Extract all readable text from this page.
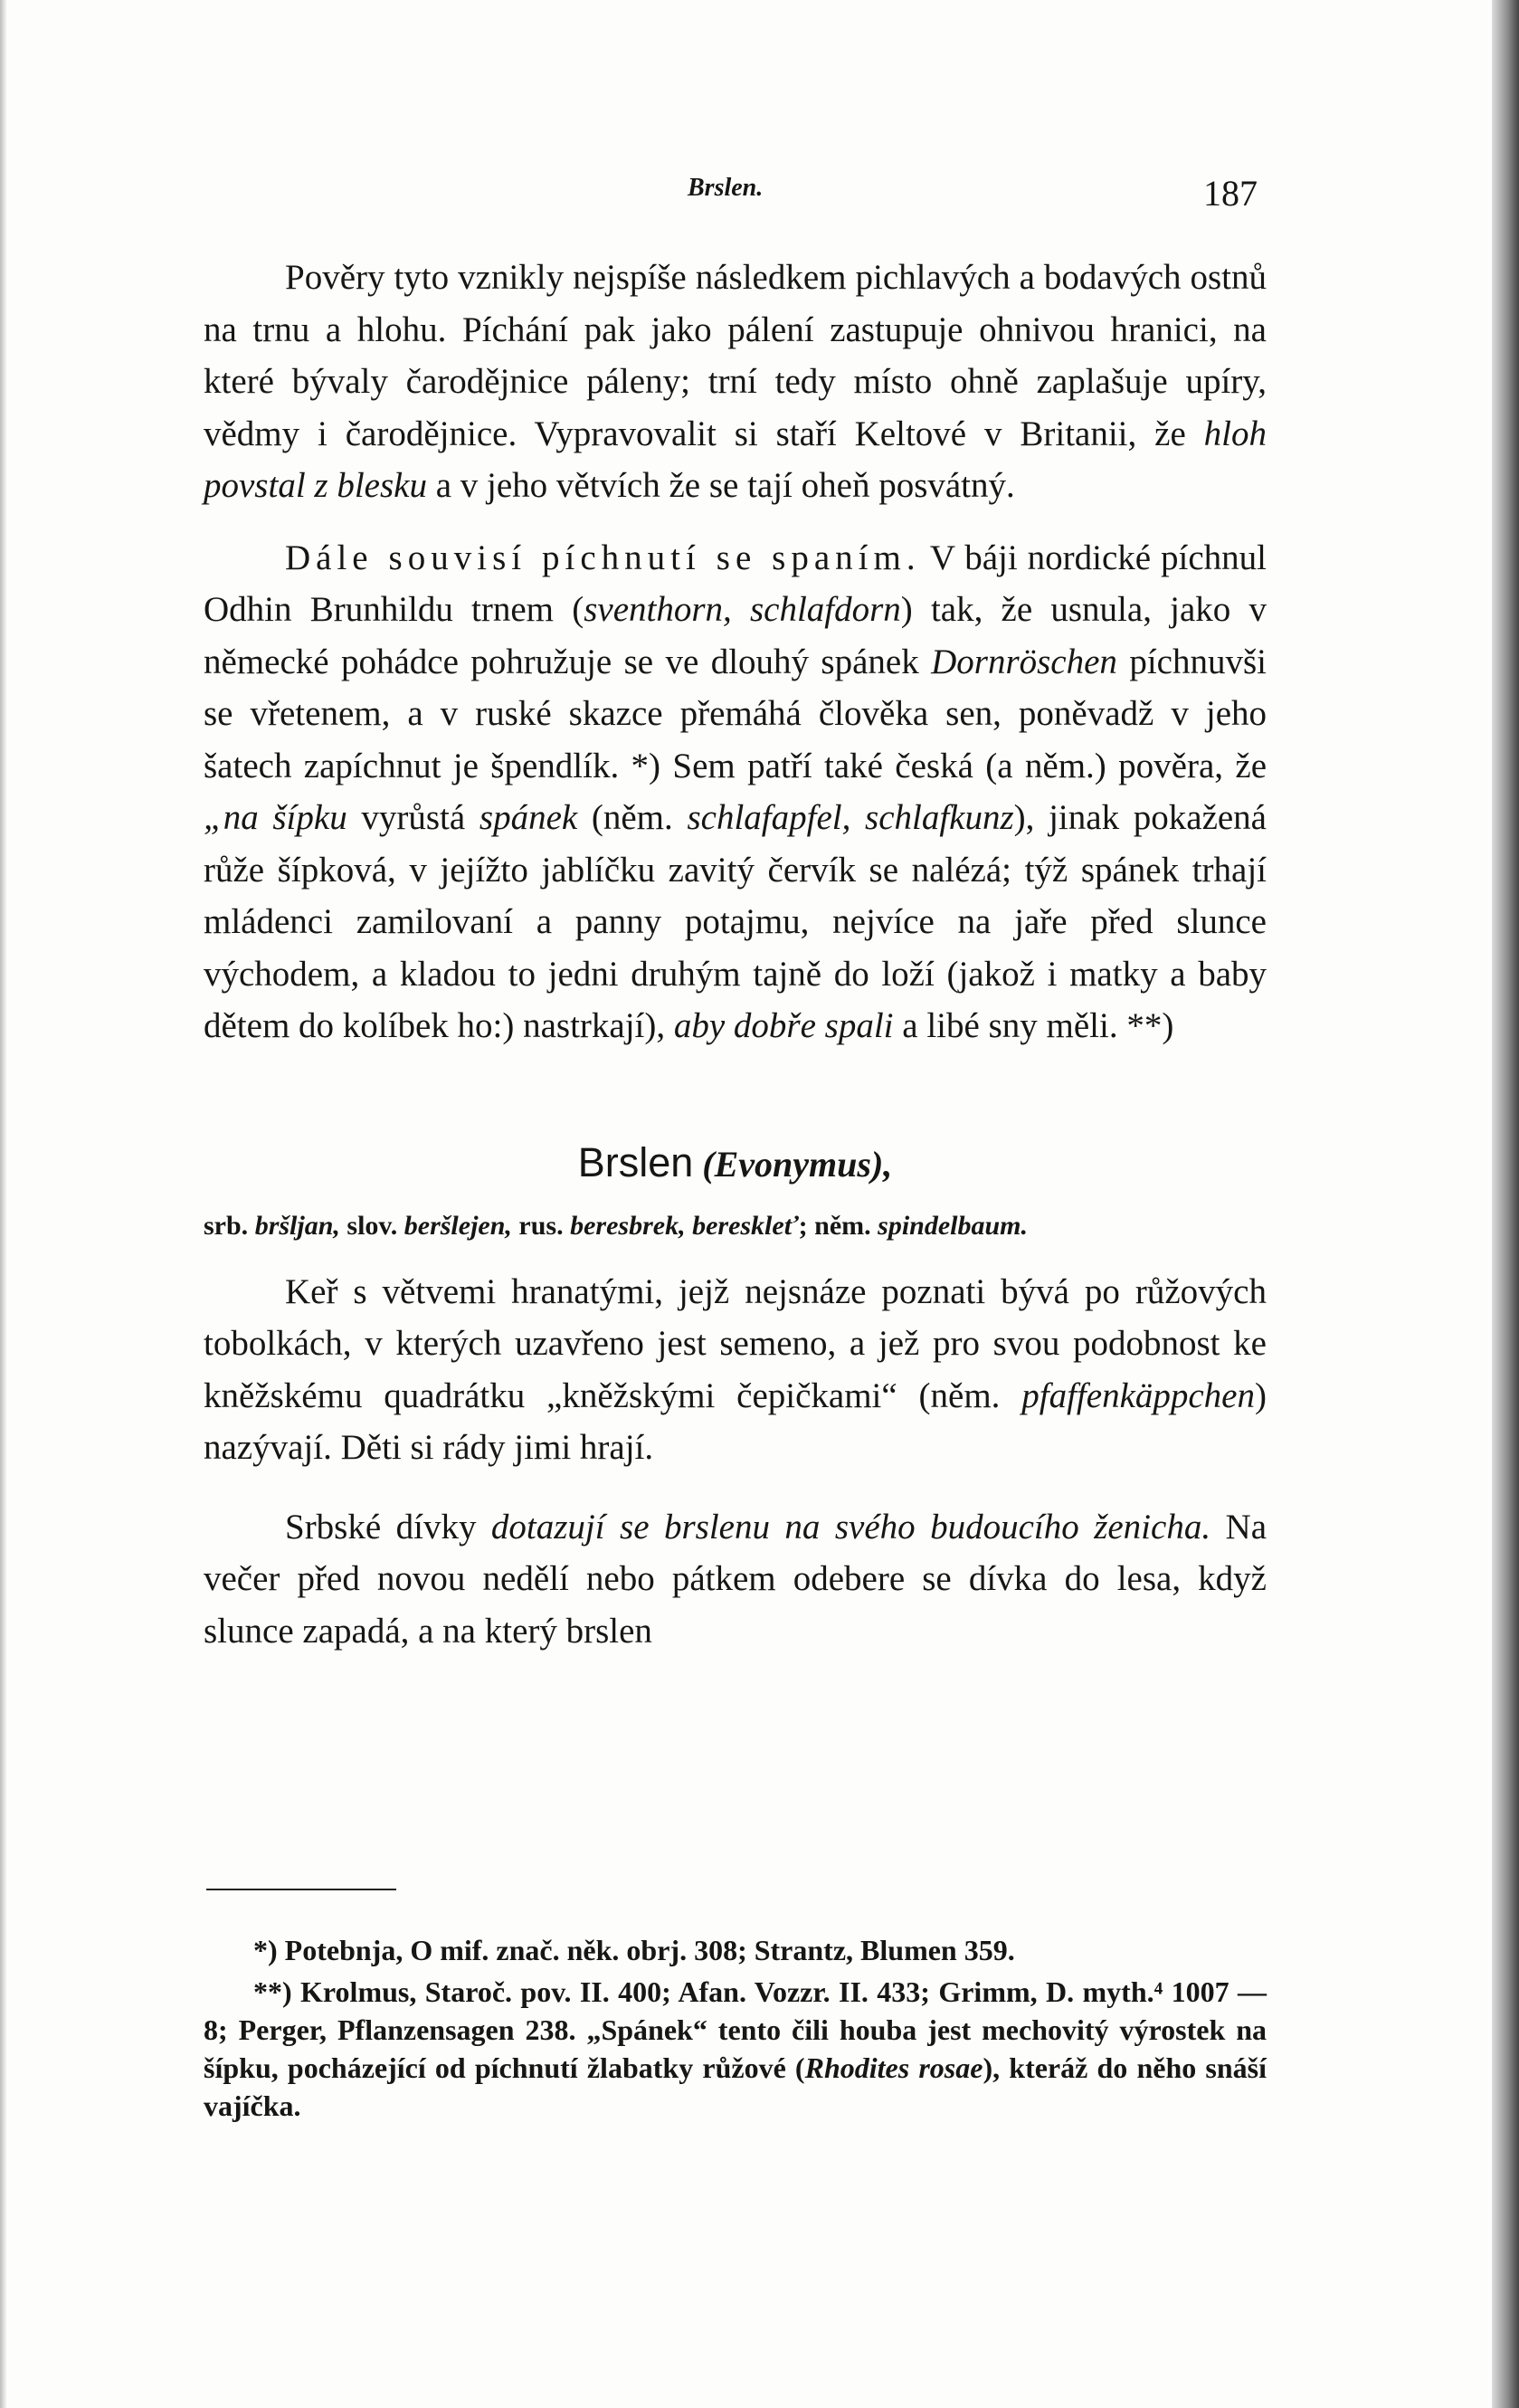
Brslen.	187

Pověry tyto vznikly nejspíše následkem pichlavých a bodavých ostnů na trnu a hlohu. Píchání pak jako pálení zastupuje ohnivou hranici, na které bývaly čarodějnice páleny; trní tedy místo ohně zaplašuje upíry, vědmy i čarodějnice. Vypravovalit si staří Keltové v Britanii, že hloh povstal z blesku a v jeho větvích že se tají oheň posvátný.

Dále souvisí píchnutí se spaním. V báji nordické píchnul Odhin Brunhildu trnem (sventhorn, schlafdorn) tak, že usnula, jako v německé pohádce pohružuje se ve dlouhý spánek Dornröschen píchnuvši se vřetenem, a v ruské skazce přemáhá člověka sen, poněvadž v jeho šatech zapíchnut je špendlík. *) Sem patří také česká (a něm.) pověra, že „na šípku vyrůstá spánek (něm. schlafapfel, schlafkunz), jinak pokažená růže šípková, v jejížto jablíčku zavitý červík se nalézá; týž spánek trhají mládenci zamilovaní a panny potajmu, nejvíce na jaře před slunce východem, a kladou to jedni druhým tajně do loží (jakož i matky a baby dětem do kolíbek ho:) nastrkají), aby dobře spali a libé sny měli. **)

Brslen (Evonymus),
srb. bršljan, slov. beršlejen, rus. beresbrek, bereskleť; něm. spindelbaum.

Keř s větvemi hranatými, jejž nejsnáze poznati bývá po růžových tobolkách, v kterých uzavřeno jest semeno, a jež pro svou podobnost ke kněžskému quadrátku „kněžskými čepičkami“ (něm. pfaffenkäppchen) nazývají. Děti si rády jimi hrají.

Srbské dívky dotazují se brslenu na svého budoucího ženicha. Na večer před novou nedělí nebo pátkem odebere se dívka do lesa, když slunce zapadá, a na který brslen

*) Potebnja, O mif. znač. něk. obrj. 308; Strantz, Blumen 359.
**) Krolmus, Staroč. pov. II. 400; Afan. Vozzr. II. 433; Grimm, D. myth.⁴ 1007 — 8; Perger, Pflanzensagen 238. „Spánek“ tento čili houba jest mechovitý výrostek na šípku, pocházející od píchnutí žlabatky růžové (Rhodites rosae), kteráž do něho snáší vajíčka.
